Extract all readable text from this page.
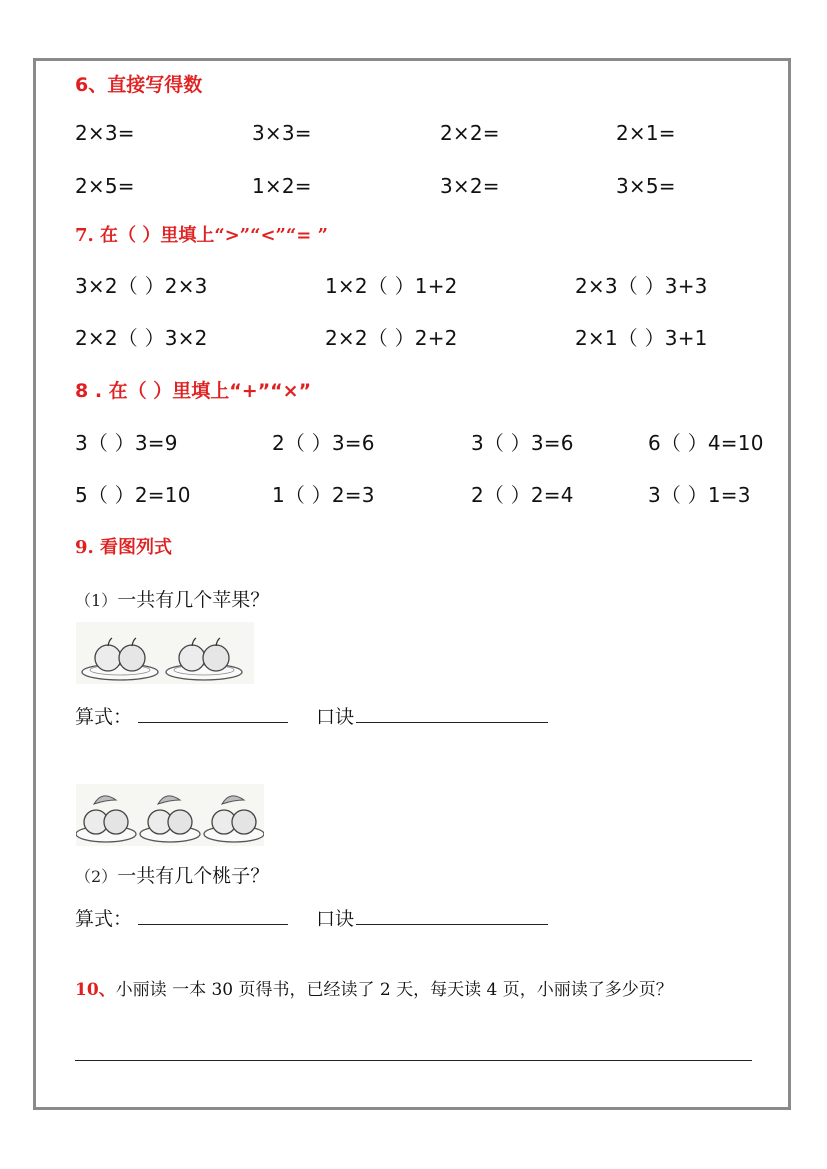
6、直接写得数
2×3=	3×3=	2×2=	2×1=
2×5=	1×2=	3×2=	3×5=
7. 在（ ）里填上“>”“<”“= ”
3×2（ ）2×3	1×2（ ）1+2	2×3（ ）3+3
2×2（ ）3×2	2×2（ ）2+2	2×1（ ）3+1
8 . 在（ ）里填上“+”“×”
3（ ）3=9	2（ ）3=6	3（ ）3=6	6（ ）4=10
5（ ）2=10	1（ ）2=3	2（ ）2=4	3（ ）1=3
9. 看图列式
（1）一共有几个苹果？
算式：	口诀
（2）一共有几个桃子？
算式：	口诀
10、小丽读 一本 30 页得书，已经读了 2 天，每天读 4 页，小丽读了多少页？
